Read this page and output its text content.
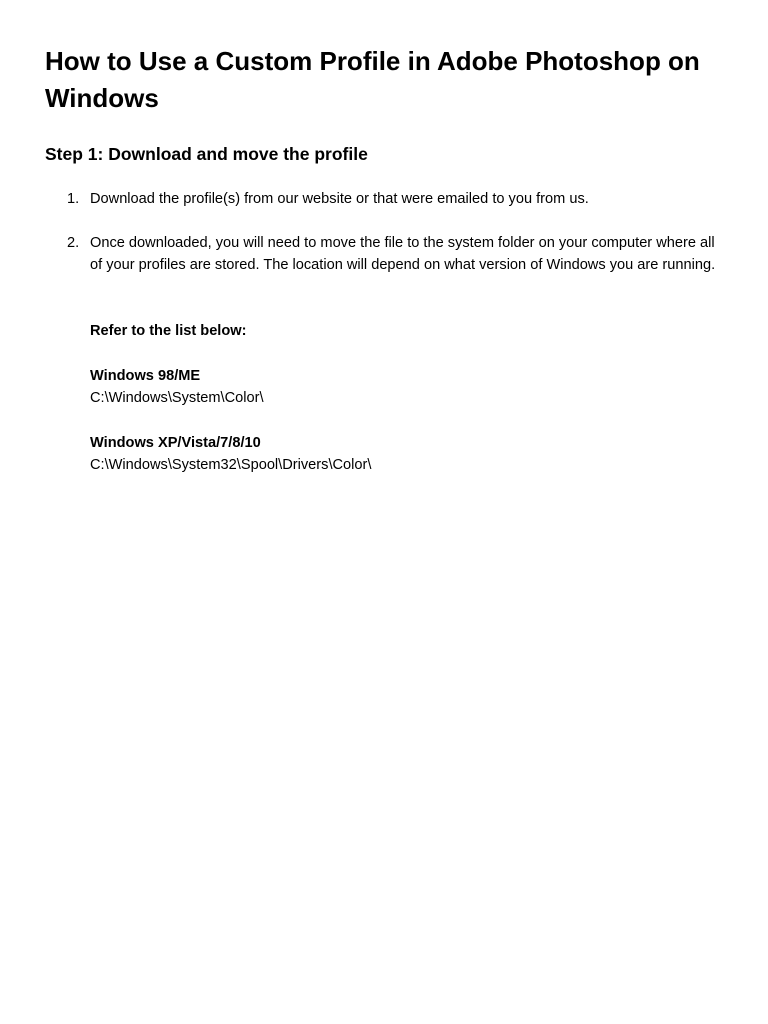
How to Use a Custom Profile in Adobe Photoshop on Windows
Step 1: Download and move the profile
1. Download the profile(s) from our website or that were emailed to you from us.
2. Once downloaded, you will need to move the file to the system folder on your computer where all of your profiles are stored. The location will depend on what version of Windows you are running.
Refer to the list below:
Windows 98/ME
C:\Windows\System\Color\
Windows XP/Vista/7/8/10
C:\Windows\System32\Spool\Drivers\Color\
